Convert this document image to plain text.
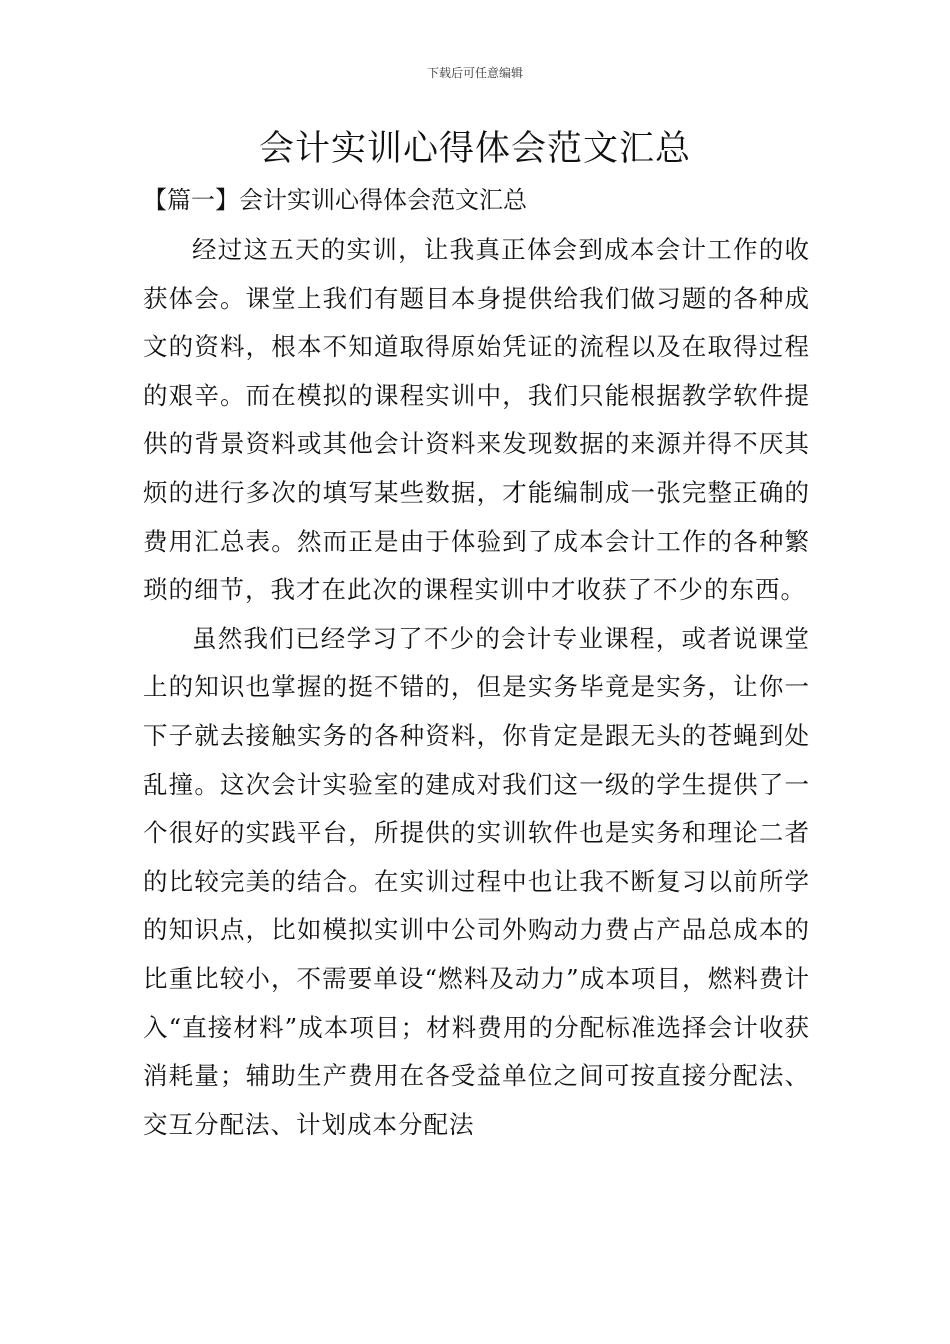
下载后可任意编辑
会计实训心得体会范文汇总
【篇一】会计实训心得体会范文汇总

经过这五天的实训，让我真正体会到成本会计工作的收获体会。课堂上我们有题目本身提供给我们做习题的各种成文的资料，根本不知道取得原始凭证的流程以及在取得过程的艰辛。而在模拟的课程实训中，我们只能根据教学软件提供的背景资料或其他会计资料来发现数据的来源并得不厌其烦的进行多次的填写某些数据，才能编制成一张完整正确的费用汇总表。然而正是由于体验到了成本会计工作的各种繁琐的细节，我才在此次的课程实训中才收获了不少的东西。

虽然我们已经学习了不少的会计专业课程，或者说课堂上的知识也掌握的挺不错的，但是实务毕竟是实务，让你一下子就去接触实务的各种资料，你肯定是跟无头的苍蝇到处乱撞。这次会计实验室的建成对我们这一级的学生提供了一个很好的实践平台，所提供的实训软件也是实务和理论二者的比较完美的结合。在实训过程中也让我不断复习以前所学的知识点，比如模拟实训中公司外购动力费占产品总成本的比重比较小，不需要单设“燃料及动力”成本项目，燃料费计入“直接材料”成本项目；材料费用的分配标准选择会计收获消耗量；辅助生产费用在各受益单位之间可按直接分配法、交互分配法、计划成本分配法
